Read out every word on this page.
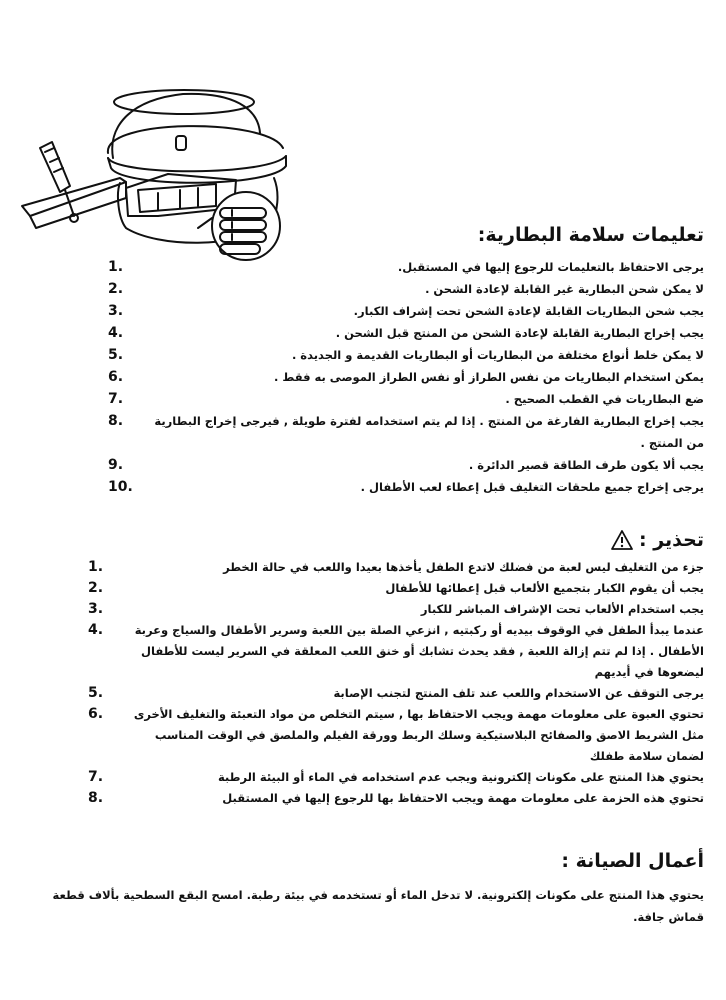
تعليمات سلامة البطارية:
يرجى الاحتفاظ بالتعليمات للرجوع إليها في المستقبل.
1.
لا يمكن شحن البطارية غير القابلة لإعادة الشحن .
2.
يجب شحن البطاريات القابلة لإعادة الشحن تحت إشراف الكبار.
3.
يجب إخراج البطارية القابلة لإعادة الشحن من المنتج قبل الشحن .
4.
لا يمكن خلط أنواع مختلفة من البطاريات أو البطاريات القديمة و الجديدة .
5.
يمكن استخدام البطاريات من نفس الطراز أو نفس الطراز الموصى به فقط .
6.
ضع البطاريات في القطب الصحيح .
7.
يجب إخراج البطارية الفارغة من المنتج . إذا لم يتم استخدامه لفترة طويلة , فيرجى إخراج البطارية من المنتج .
8.
يجب ألا يكون طرف الطاقة قصير الدائرة .
9.
يرجى إخراج جميع ملحقات التغليف قبل إعطاء لعب الأطفال .
10.
تحذير :
جزء من التغليف ليس لعبة من فضلك لاتدع الطفل يأخذها بعيدا واللعب في حالة الخطر
1.
يجب أن يقوم الكبار بتجميع الألعاب قبل إعطائها للأطفال
2.
يجب استخدام الألعاب تحت الإشراف المباشر للكبار
3.
عندما يبدأ الطفل في الوقوف بيديه أو ركبتيه , انزعي الصلة بين اللعبة وسرير الأطفال والسياج وعربة الأطفال . إذا لم تتم إزالة اللعبة , فقد يحدث تشابك أو خنق اللعب المعلقة في السرير ليست للأطفال ليضعوها في أيديهم
4.
يرجى التوقف عن الاستخدام واللعب عند تلف المنتج لتجنب الإصابة
5.
تحتوي العبوة على معلومات مهمة ويجب الاحتفاظ بها , سيتم التخلص من مواد التعبئة والتغليف الأخرى مثل الشريط الاصق والصفائح البلاستيكية وسلك الربط وورقة الفيلم والملصق في الوقت المناسب لضمان سلامة طفلك
6.
يحتوي هذا المنتج على مكونات إلكترونية ويجب عدم استخدامه في الماء أو البيئة الرطبة
7.
تحتوي هذه الحزمة على معلومات مهمة ويجب الاحتفاظ بها للرجوع إليها في المستقبل
8.
أعمال الصيانة :

يحتوي هذا المنتج على مكونات إلكترونية. لا تدخل الماء أو تستخدمه في بيئة رطبة. امسح البقع السطحية بألاف قطعة قماش جافة.
